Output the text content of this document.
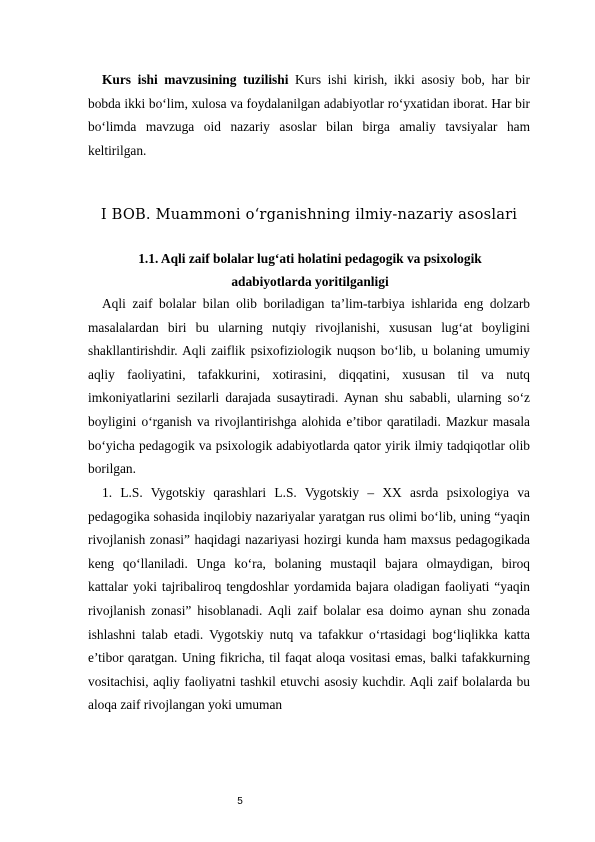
Kurs ishi mavzusining tuzilishi Kurs ishi kirish, ikki asosiy bob, har bir bobda ikki bo‘lim, xulosa va foydalanilgan adabiyotlar ro‘yxatidan iborat. Har bir bo‘limda mavzuga oid nazariy asoslar bilan birga amaliy tavsiyalar ham keltirilgan.

I BOB. Muammoni o‘rganishning ilmiy-nazariy asoslari
1.1. Aqli zaif bolalar lug‘ati holatini pedagogik va psixologik adabiyotlarda yoritilganligi

Aqli zaif bolalar bilan olib boriladigan ta’lim-tarbiya ishlarida eng dolzarb masalalardan biri bu ularning nutqiy rivojlanishi, xususan lug‘at boyligini shakllantirishdir. Aqli zaiflik psixofiziologik nuqson bo‘lib, u bolaning umumiy aqliy faoliyatini, tafakkurini, xotirasini, diqqatini, xususan til va nutq imkoniyatlarini sezilarli darajada susaytiradi. Aynan shu sababli, ularning so‘z boyligini o‘rganish va rivojlantirishga alohida e’tibor qaratiladi. Mazkur masala bo‘yicha pedagogik va psixologik adabiyotlarda qator yirik ilmiy tadqiqotlar olib borilgan.

1. L.S. Vygotskiy qarashlari L.S. Vygotskiy – XX asrda psixologiya va pedagogika sohasida inqilobiy nazariyalar yaratgan rus olimi bo‘lib, uning “yaqin rivojlanish zonasi” haqidagi nazariyasi hozirgi kunda ham maxsus pedagogikada keng qo‘llaniladi. Unga ko‘ra, bolaning mustaqil bajara olmaydigan, biroq kattalar yoki tajribaliroq tengdoshlar yordamida bajara oladigan faoliyati “yaqin rivojlanish zonasi” hisoblanadi. Aqli zaif bolalar esa doimo aynan shu zonada ishlashni talab etadi. Vygotskiy nutq va tafakkur o‘rtasidagi bog‘liqlikka katta e’tibor qaratgan. Uning fikricha, til faqat aloqa vositasi emas, balki tafakkurning vositachisi, aqliy faoliyatni tashkil etuvchi asosiy kuchdir. Aqli zaif bolalarda bu aloqa zaif rivojlangan yoki umuman

5
